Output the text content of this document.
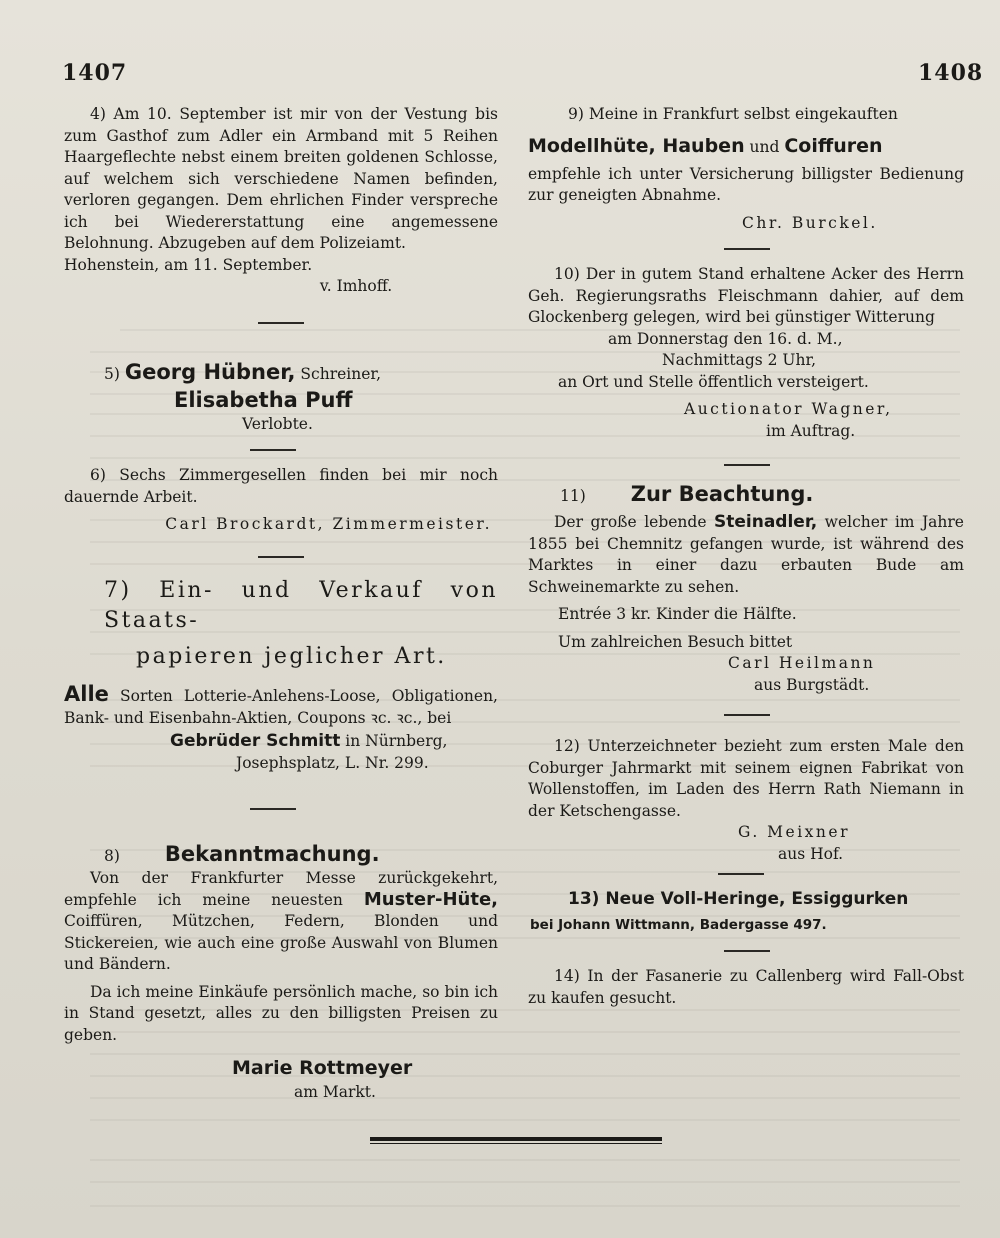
1407	1408

4) Am 10. September ist mir von der Vestung bis zum Gasthof zum Adler ein Armband mit 5 Reihen Haargeflechte nebst einem breiten goldenen Schlosse, auf welchem sich verschiedene Namen befinden, verloren gegangen. Dem ehrlichen Finder verspreche ich bei Wiedererstattung eine angemessene Belohnung. Abzugeben auf dem Polizeiamt.

Hohenstein, am 11. September.

v. Imhoff.

5) Georg Hübner, Schreiner,

Elisabetha Puff

Verlobte.

6) Sechs Zimmergesellen finden bei mir noch dauernde Arbeit.

Carl Brockardt, Zimmermeister.

7) Ein- und Verkauf von Staats-

papieren jeglicher Art.

Alle Sorten Lotterie-Anlehens-Loose, Obligationen, Bank- und Eisenbahn-Aktien, Coupons ꝛc. ꝛc., bei

Gebrüder Schmitt in Nürnberg,

Josephsplatz, L. Nr. 299.

8) Bekanntmachung.

Von der Frankfurter Messe zurückgekehrt, empfehle ich meine neuesten Muster-Hüte, Coiffüren, Mützchen, Federn, Blonden und Stickereien, wie auch eine große Auswahl von Blumen und Bändern.

Da ich meine Einkäufe persönlich mache, so bin ich in Stand gesetzt, alles zu den billigsten Preisen zu geben.

Marie Rottmeyer

am Markt.

9) Meine in Frankfurt selbst eingekauften

Modellhüte, Hauben und Coiffuren

empfehle ich unter Versicherung billigster Bedienung zur geneigten Abnahme.

Chr. Burckel.

10) Der in gutem Stand erhaltene Acker des Herrn Geh. Regierungsraths Fleischmann dahier, auf dem Glockenberg gelegen, wird bei günstiger Witterung

am Donnerstag den 16. d. M.,

Nachmittags 2 Uhr,

an Ort und Stelle öffentlich versteigert.

Auctionator Wagner,

im Auftrag.

11) Zur Beachtung.

Der große lebende Steinadler, welcher im Jahre 1855 bei Chemnitz gefangen wurde, ist während des Marktes in einer dazu erbauten Bude am Schweinemarkte zu sehen.

Entrée 3 kr. Kinder die Hälfte.

Um zahlreichen Besuch bittet

Carl Heilmann

aus Burgstädt.

12) Unterzeichneter bezieht zum ersten Male den Coburger Jahrmarkt mit seinem eignen Fabrikat von Wollenstoffen, im Laden des Herrn Rath Niemann in der Ketschengasse.

G. Meixner

aus Hof.

13) Neue Voll-Heringe, Essiggurken

bei Johann Wittmann, Badergasse 497.

14) In der Fasanerie zu Callenberg wird Fall-Obst zu kaufen gesucht.
